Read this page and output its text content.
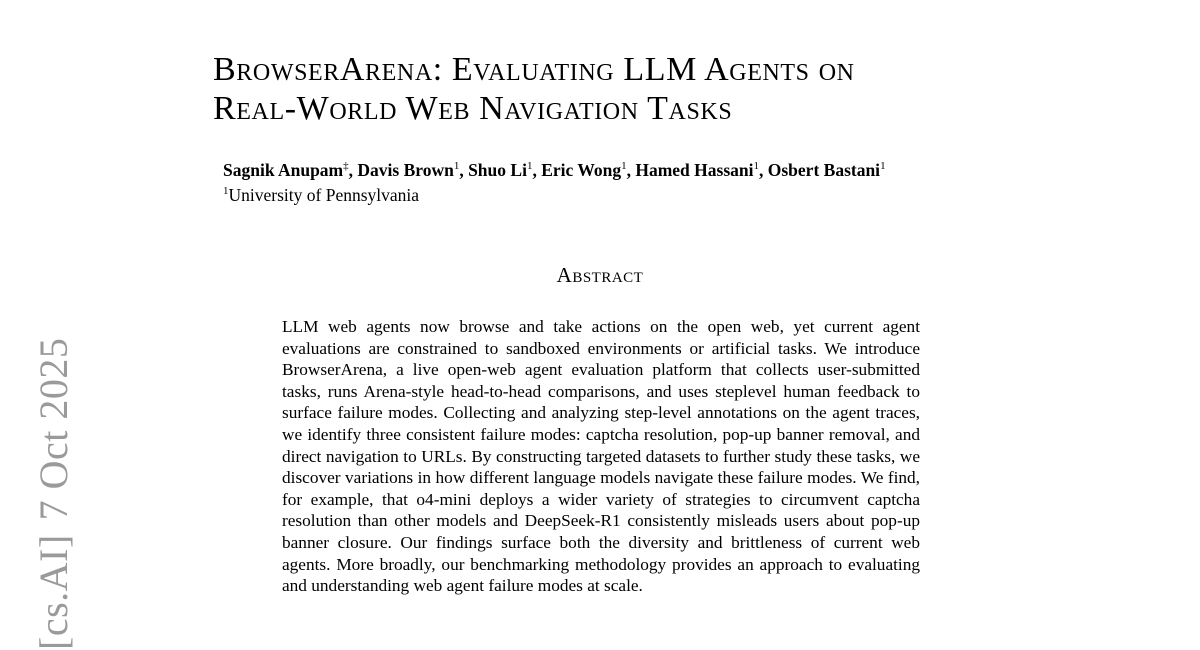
BrowserArena: Evaluating LLM Agents on
Real-World Web Navigation Tasks
Sagnik Anupam‡, Davis Brown$^1$, Shuo Li$^1$, Eric Wong$^1$, Hamed Hassani$^1$, Osbert Bastani$^1$
$^1$University of Pennsylvania
Abstract

LLM web agents now browse and take actions on the open web, yet current agent evaluations are constrained to sandboxed environments or artificial tasks. We introduce BrowserArena, a live open-web agent evaluation platform that collects user-submitted tasks, runs Arena-style head-to-head comparisons, and uses steplevel human feedback to surface failure modes. Collecting and analyzing step-level annotations on the agent traces, we identify three consistent failure modes: captcha resolution, pop-up banner removal, and direct navigation to URLs. By constructing targeted datasets to further study these tasks, we discover variations in how different language models navigate these failure modes. We find, for example, that o4-mini deploys a wider variety of strategies to circumvent captcha resolution than other models and DeepSeek-R1 consistently misleads users about pop-up banner closure. Our findings surface both the diversity and brittleness of current web agents. More broadly, our benchmarking methodology provides an approach to evaluating and understanding web agent failure modes at scale.

[cs.AI]7 Oct 2025
